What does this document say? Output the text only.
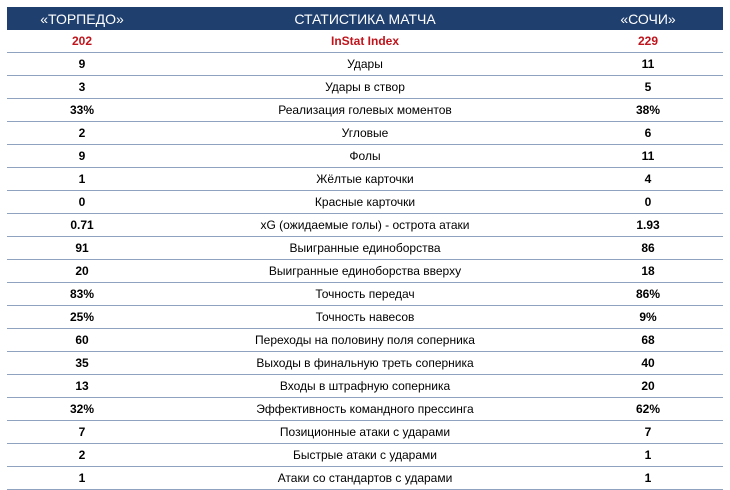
«ТОРПЕДО»	СТАТИСТИКА МАТЧА	«СОЧИ»
202	InStat Index	229
9	Удары	11
3	Удары в створ	5
33%	Реализация голевых моментов	38%
2	Угловые	6
9	Фолы	11
1	Жёлтые карточки	4
0	Красные карточки	0
0.71	xG (ожидаемые голы) - острота атаки	1.93
91	Выигранные единоборства	86
20	Выигранные единоборства вверху	18
83%	Точность передач	86%
25%	Точность навесов	9%
60	Переходы на половину поля соперника	68
35	Выходы в финальную треть соперника	40
13	Входы в штрафную соперника	20
32%	Эффективность командного прессинга	62%
7	Позиционные атаки с ударами	7
2	Быстрые атаки с ударами	1
1	Атаки со стандартов с ударами	1
